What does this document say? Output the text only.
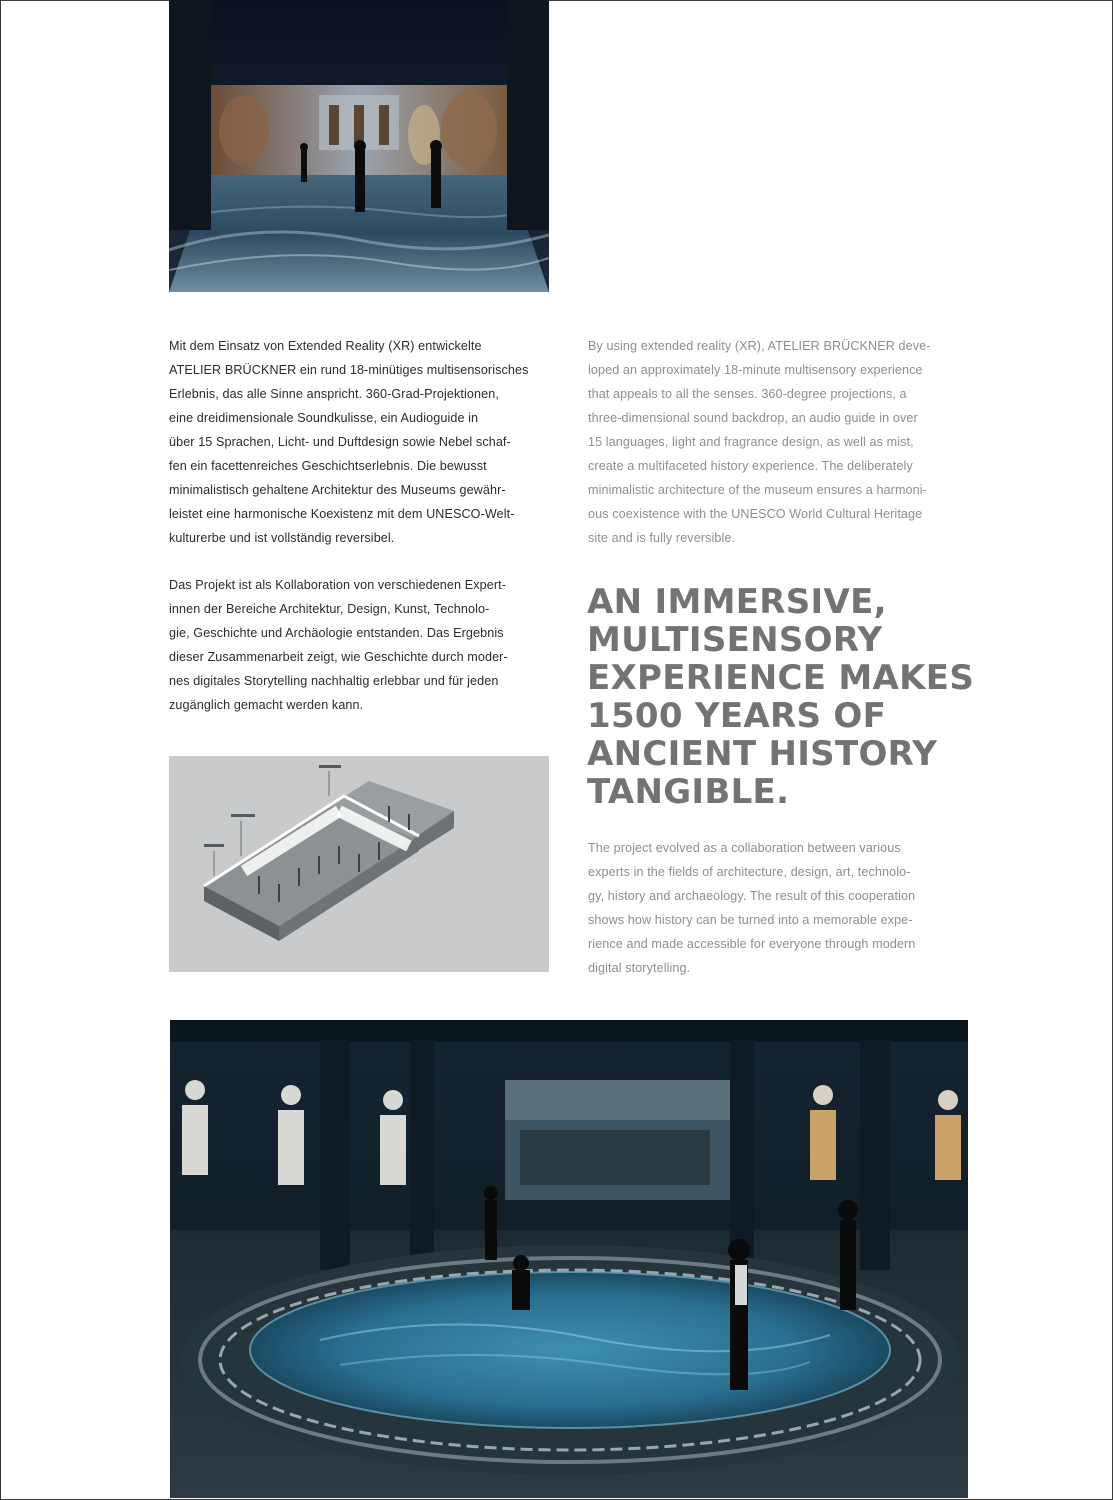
Mit dem Einsatz von Extended Reality (XR) entwickelte
ATELIER BRÜCKNER ein rund 18-minütiges multisensorisches
Erlebnis, das alle Sinne anspricht. 360-Grad-Projektionen,
eine dreidimensionale Soundkulisse, ein Audioguide in
über 15 Sprachen, Licht- und Duftdesign sowie Nebel schaf-
fen ein facettenreiches Geschichtserlebnis. Die bewusst
minimalistisch gehaltene Architektur des Museums gewähr-
leistet eine harmonische Koexistenz mit dem UNESCO-Welt-
kulturerbe und ist vollständig reversibel.

Das Projekt ist als Kollaboration von verschiedenen Expert-
innen der Bereiche Architektur, Design, Kunst, Technolo-
gie, Geschichte und Archäologie entstanden. Das Ergebnis
dieser Zusammenarbeit zeigt, wie Geschichte durch moder-
nes digitales Storytelling nachhaltig erlebbar und für jeden
zugänglich gemacht werden kann.

By using extended reality (XR), ATELIER BRÜCKNER deve-
loped an approximately 18-minute multisensory experience
that appeals to all the senses. 360-degree projections, a
three-dimensional sound backdrop, an audio guide in over
15 languages, light and fragrance design, as well as mist,
create a multifaceted history experience. The deliberately
minimalistic architecture of the museum ensures a harmoni-
ous coexistence with the UNESCO World Cultural Heritage
site and is fully reversible.

AN IMMERSIVE,
MULTISENSORY
EXPERIENCE MAKES
1500 YEARS OF
ANCIENT HISTORY
TANGIBLE.

The project evolved as a collaboration between various
experts in the fields of architecture, design, art, technolo-
gy, history and archaeology. The result of this cooperation
shows how history can be turned into a memorable expe-
rience and made accessible for everyone through modern
digital storytelling.
